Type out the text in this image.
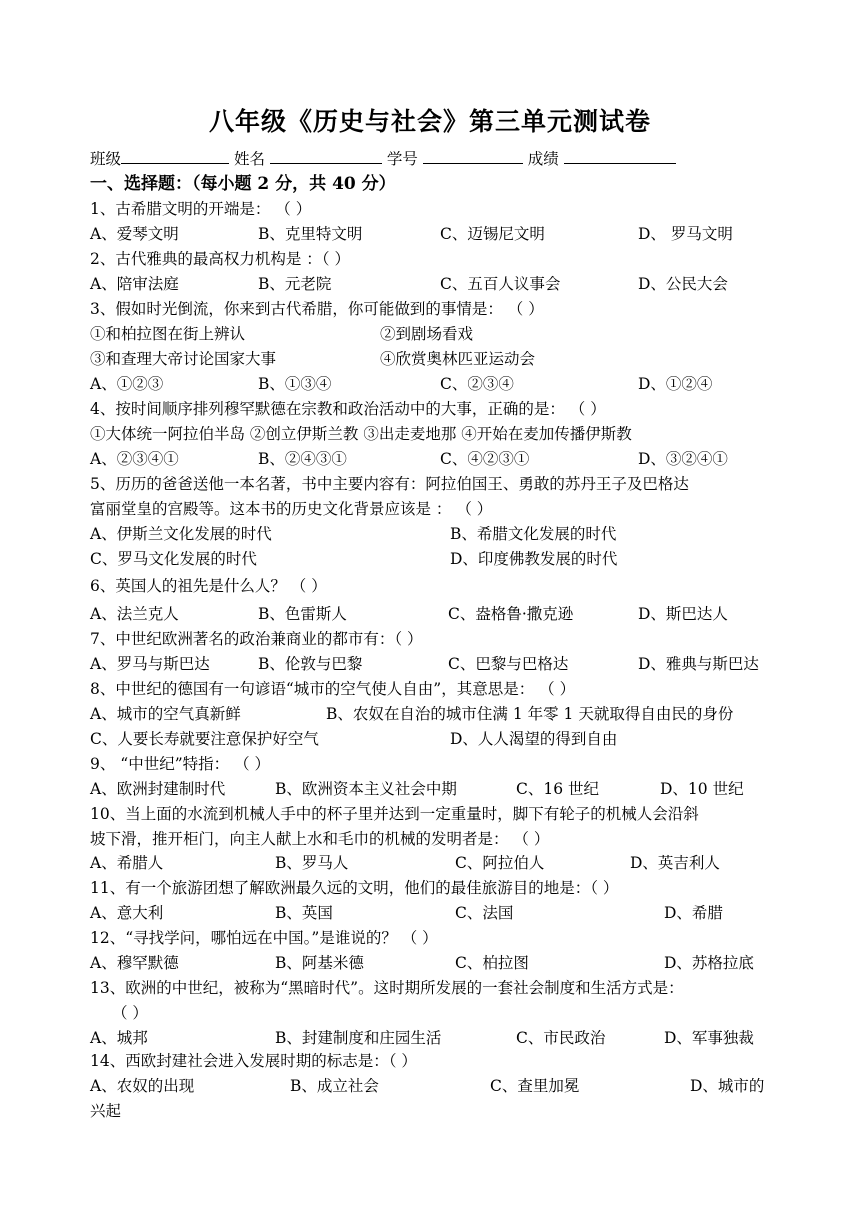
八年级《历史与社会》第三单元测试卷
班级	姓名	学号	成绩
一、选择题：（每小题 2 分，共 40 分）
1、古希腊文明的开端是： （ ）
A、爱琴文明	B、克里特文明	C、迈锡尼文明	D、 罗马文明
2、古代雅典的最高权力机构是 ：（ ）
A、陪审法庭	B、元老院	C、五百人议事会	D、公民大会
3、假如时光倒流，你来到古代希腊，你可能做到的事情是： （ ）
①和柏拉图在街上辨认	②到剧场看戏
③和查理大帝讨论国家大事	④欣赏奥林匹亚运动会
A、①②③	B、①③④	C、②③④	D、①②④
4、按时间顺序排列穆罕默德在宗教和政治活动中的大事，正确的是： （ ）
①大体统一阿拉伯半岛 ②创立伊斯兰教 ③出走麦地那 ④开始在麦加传播伊斯教
A、②③④①	B、②④③①	C、④②③①	D、③②④①
5、历历的爸爸送他一本名著，书中主要内容有：阿拉伯国王、勇敢的苏丹王子及巴格达
富丽堂皇的宫殿等。这本书的历史文化背景应该是 ： （ ）
A、伊斯兰文化发展的时代	B、希腊文化发展的时代
C、罗马文化发展的时代	D、印度佛教发展的时代
6、英国人的祖先是什么人？ （ ）
A、法兰克人	B、色雷斯人	C、盎格鲁·撒克逊	D、斯巴达人
7、中世纪欧洲著名的政治兼商业的都市有：（ ）
A、罗马与斯巴达	B、伦敦与巴黎	C、巴黎与巴格达	D、雅典与斯巴达
8、中世纪的德国有一句谚语“城市的空气使人自由”，其意思是： （ ）
A、城市的空气真新鲜	B、农奴在自治的城市住满 1 年零 1 天就取得自由民的身份
C、人要长寿就要注意保护好空气	D、人人渴望的得到自由
9、 “中世纪”特指： （ ）
A、欧洲封建制时代	B、欧洲资本主义社会中期	C、16 世纪	D、10 世纪
10、当上面的水流到机械人手中的杯子里并达到一定重量时，脚下有轮子的机械人会沿斜
坡下滑，推开柜门，向主人献上水和毛巾的机械的发明者是： （ ）
A、希腊人	B、罗马人	C、阿拉伯人	D、英吉利人
11、有一个旅游团想了解欧洲最久远的文明，他们的最佳旅游目的地是：（ ）
A、意大利	B、英国	C、法国	D、希腊
12、“寻找学问，哪怕远在中国。”是谁说的？ （ ）
A、穆罕默德	B、阿基米德	C、柏拉图	D、苏格拉底
13、欧洲的中世纪，被称为“黑暗时代”。这时期所发展的一套社会制度和生活方式是：
（ ）
A、城邦	B、封建制度和庄园生活	C、市民政治	D、军事独裁
14、西欧封建社会进入发展时期的标志是：（ ）
A、农奴的出现	B、成立社会	C、查里加冕	D、城市的
兴起
